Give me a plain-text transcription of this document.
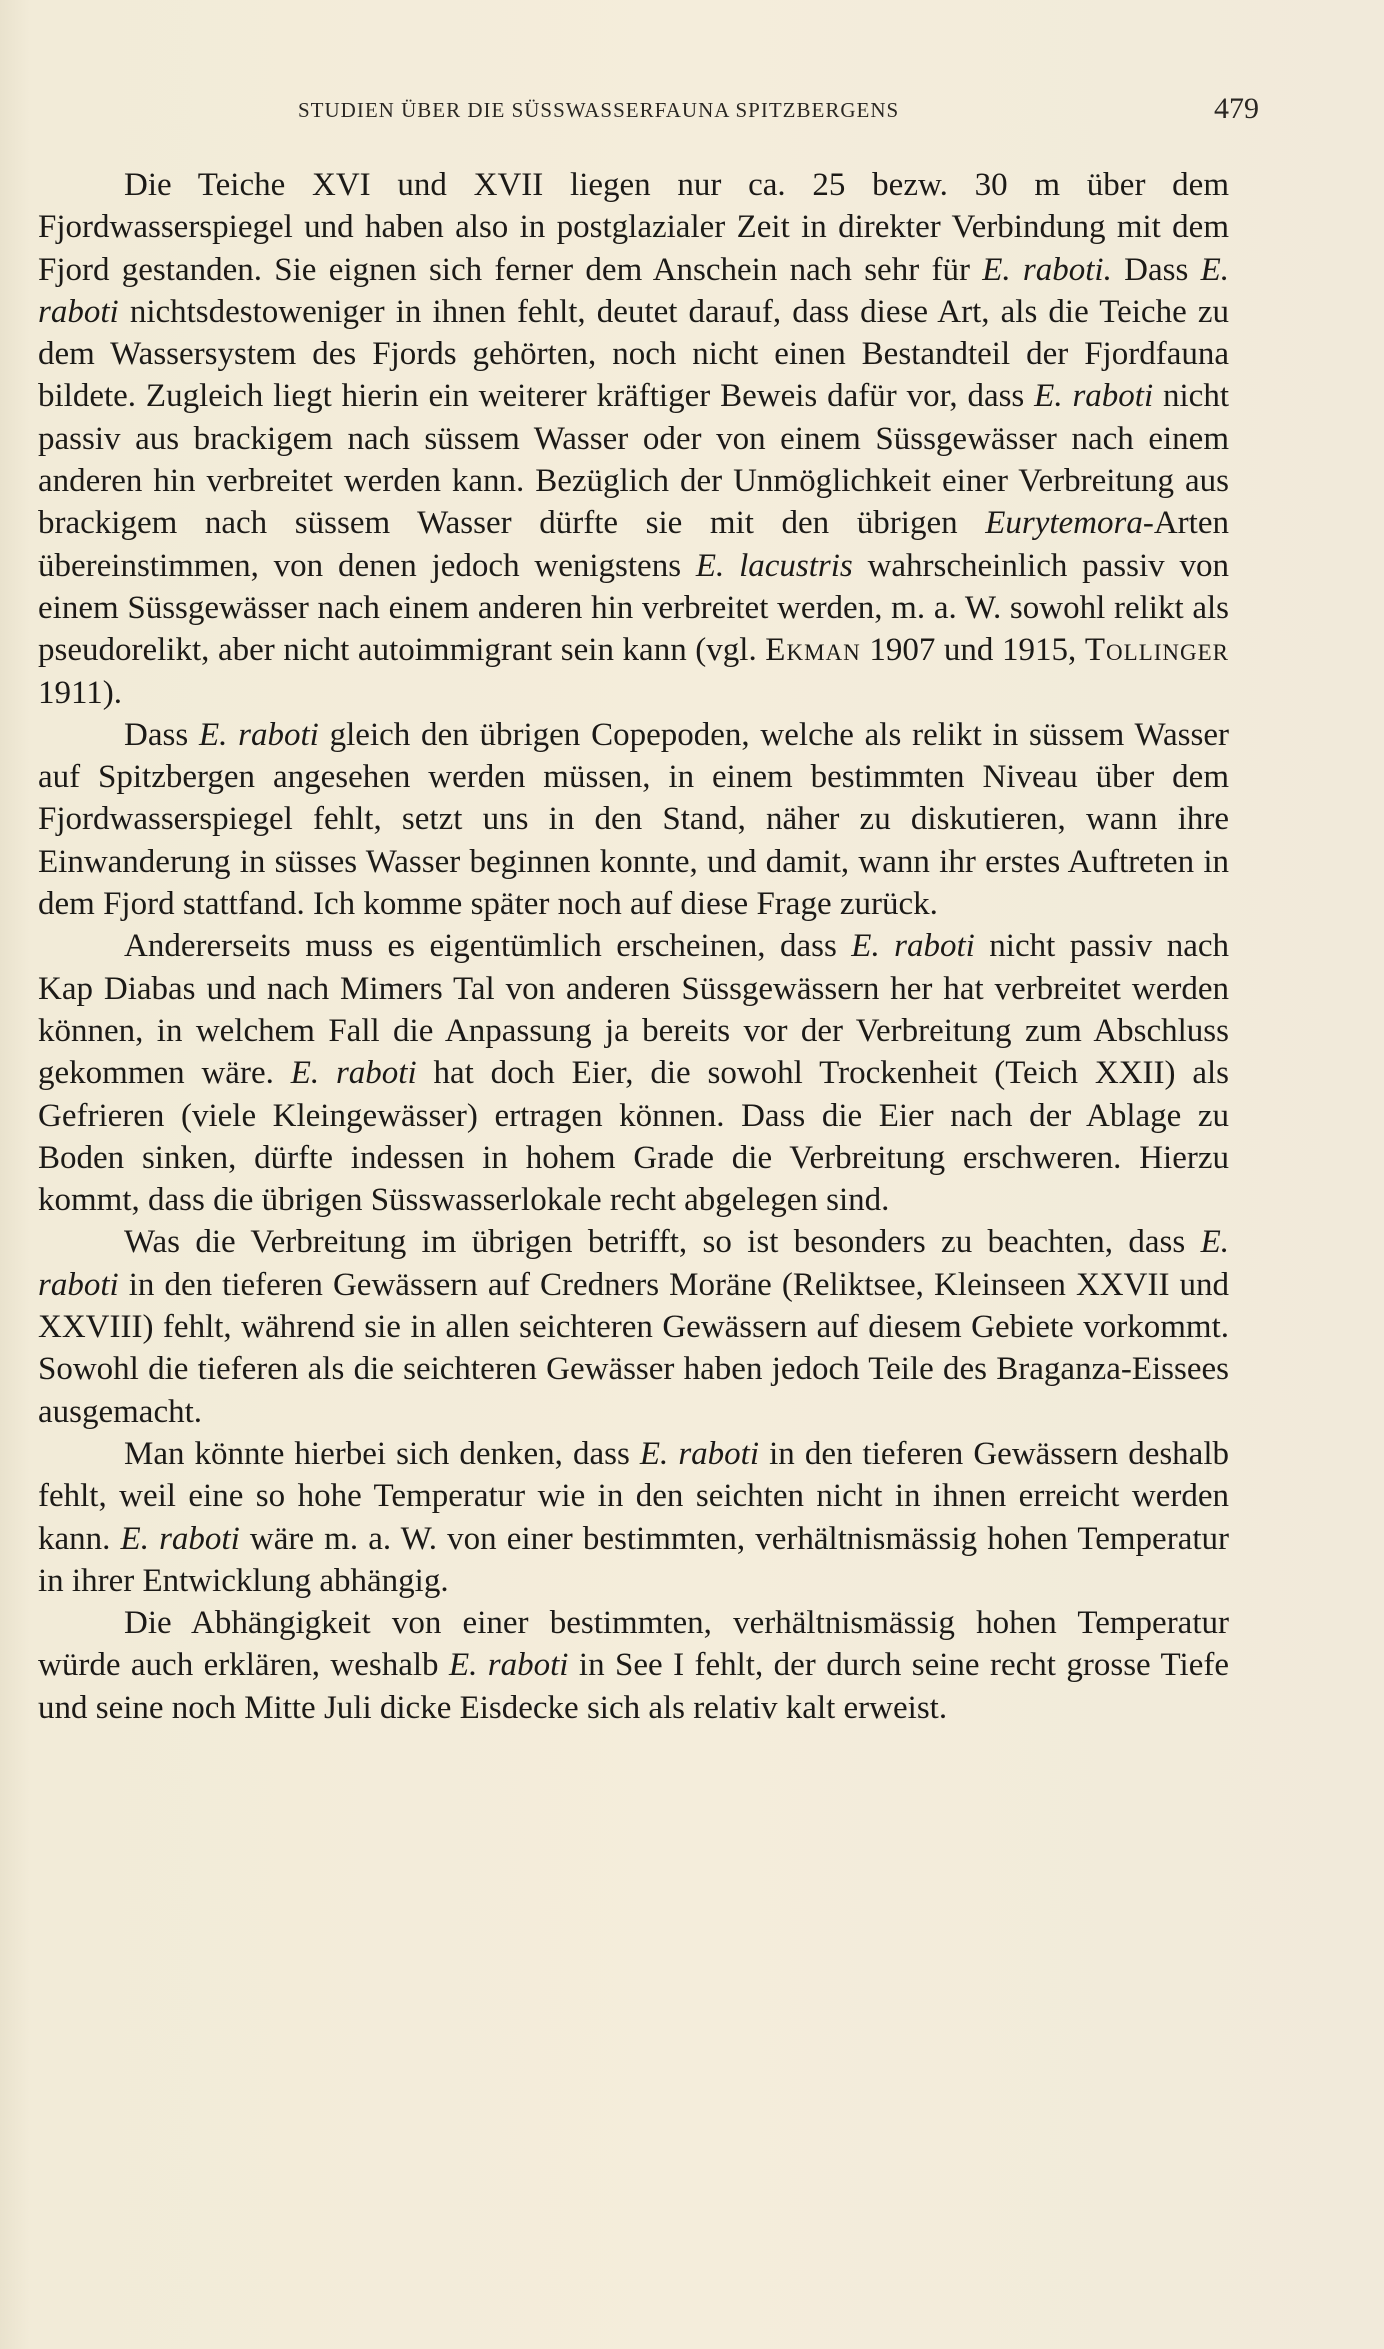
STUDIEN ÜBER DIE SÜSSWASSERFAUNA SPITZBERGENS	479

Die Teiche XVI und XVII liegen nur ca. 25 bezw. 30 m über dem Fjordwasserspiegel und haben also in postglazialer Zeit in direkter Verbindung mit dem Fjord gestanden. Sie eignen sich ferner dem Anschein nach sehr für E. raboti. Dass E. raboti nichtsdestoweniger in ihnen fehlt, deutet darauf, dass diese Art, als die Teiche zu dem Wassersystem des Fjords gehörten, noch nicht einen Bestandteil der Fjordfauna bildete. Zugleich liegt hierin ein weiterer kräftiger Beweis dafür vor, dass E. raboti nicht passiv aus brackigem nach süssem Wasser oder von einem Süssgewässer nach einem anderen hin verbreitet werden kann. Bezüglich der Unmöglichkeit einer Verbreitung aus brackigem nach süssem Wasser dürfte sie mit den übrigen Eurytemora-Arten übereinstimmen, von denen jedoch wenigstens E. lacustris wahrscheinlich passiv von einem Süssgewässer nach einem anderen hin verbreitet werden, m. a. W. sowohl relikt als pseudorelikt, aber nicht autoimmigrant sein kann (vgl. Ekman 1907 und 1915, Tollinger 1911).

Dass E. raboti gleich den übrigen Copepoden, welche als relikt in süssem Wasser auf Spitzbergen angesehen werden müssen, in einem bestimmten Niveau über dem Fjordwasserspiegel fehlt, setzt uns in den Stand, näher zu diskutieren, wann ihre Einwanderung in süsses Wasser beginnen konnte, und damit, wann ihr erstes Auftreten in dem Fjord stattfand. Ich komme später noch auf diese Frage zurück.

Andererseits muss es eigentümlich erscheinen, dass E. raboti nicht passiv nach Kap Diabas und nach Mimers Tal von anderen Süssgewässern her hat verbreitet werden können, in welchem Fall die Anpassung ja bereits vor der Verbreitung zum Abschluss gekommen wäre. E. raboti hat doch Eier, die sowohl Trockenheit (Teich XXII) als Gefrieren (viele Kleingewässer) ertragen können. Dass die Eier nach der Ablage zu Boden sinken, dürfte indessen in hohem Grade die Verbreitung erschweren. Hierzu kommt, dass die übrigen Süsswasserlokale recht abgelegen sind.

Was die Verbreitung im übrigen betrifft, so ist besonders zu beachten, dass E. raboti in den tieferen Gewässern auf Credners Moräne (Reliktsee, Kleinseen XXVII und XXVIII) fehlt, während sie in allen seichteren Gewässern auf diesem Gebiete vorkommt. Sowohl die tieferen als die seichteren Gewässer haben jedoch Teile des Braganza-Eissees ausgemacht.

Man könnte hierbei sich denken, dass E. raboti in den tieferen Gewässern deshalb fehlt, weil eine so hohe Temperatur wie in den seichten nicht in ihnen erreicht werden kann. E. raboti wäre m. a. W. von einer bestimmten, verhältnismässig hohen Temperatur in ihrer Entwicklung abhängig.

Die Abhängigkeit von einer bestimmten, verhältnismässig hohen Temperatur würde auch erklären, weshalb E. raboti in See I fehlt, der durch seine recht grosse Tiefe und seine noch Mitte Juli dicke Eisdecke sich als relativ kalt erweist.
